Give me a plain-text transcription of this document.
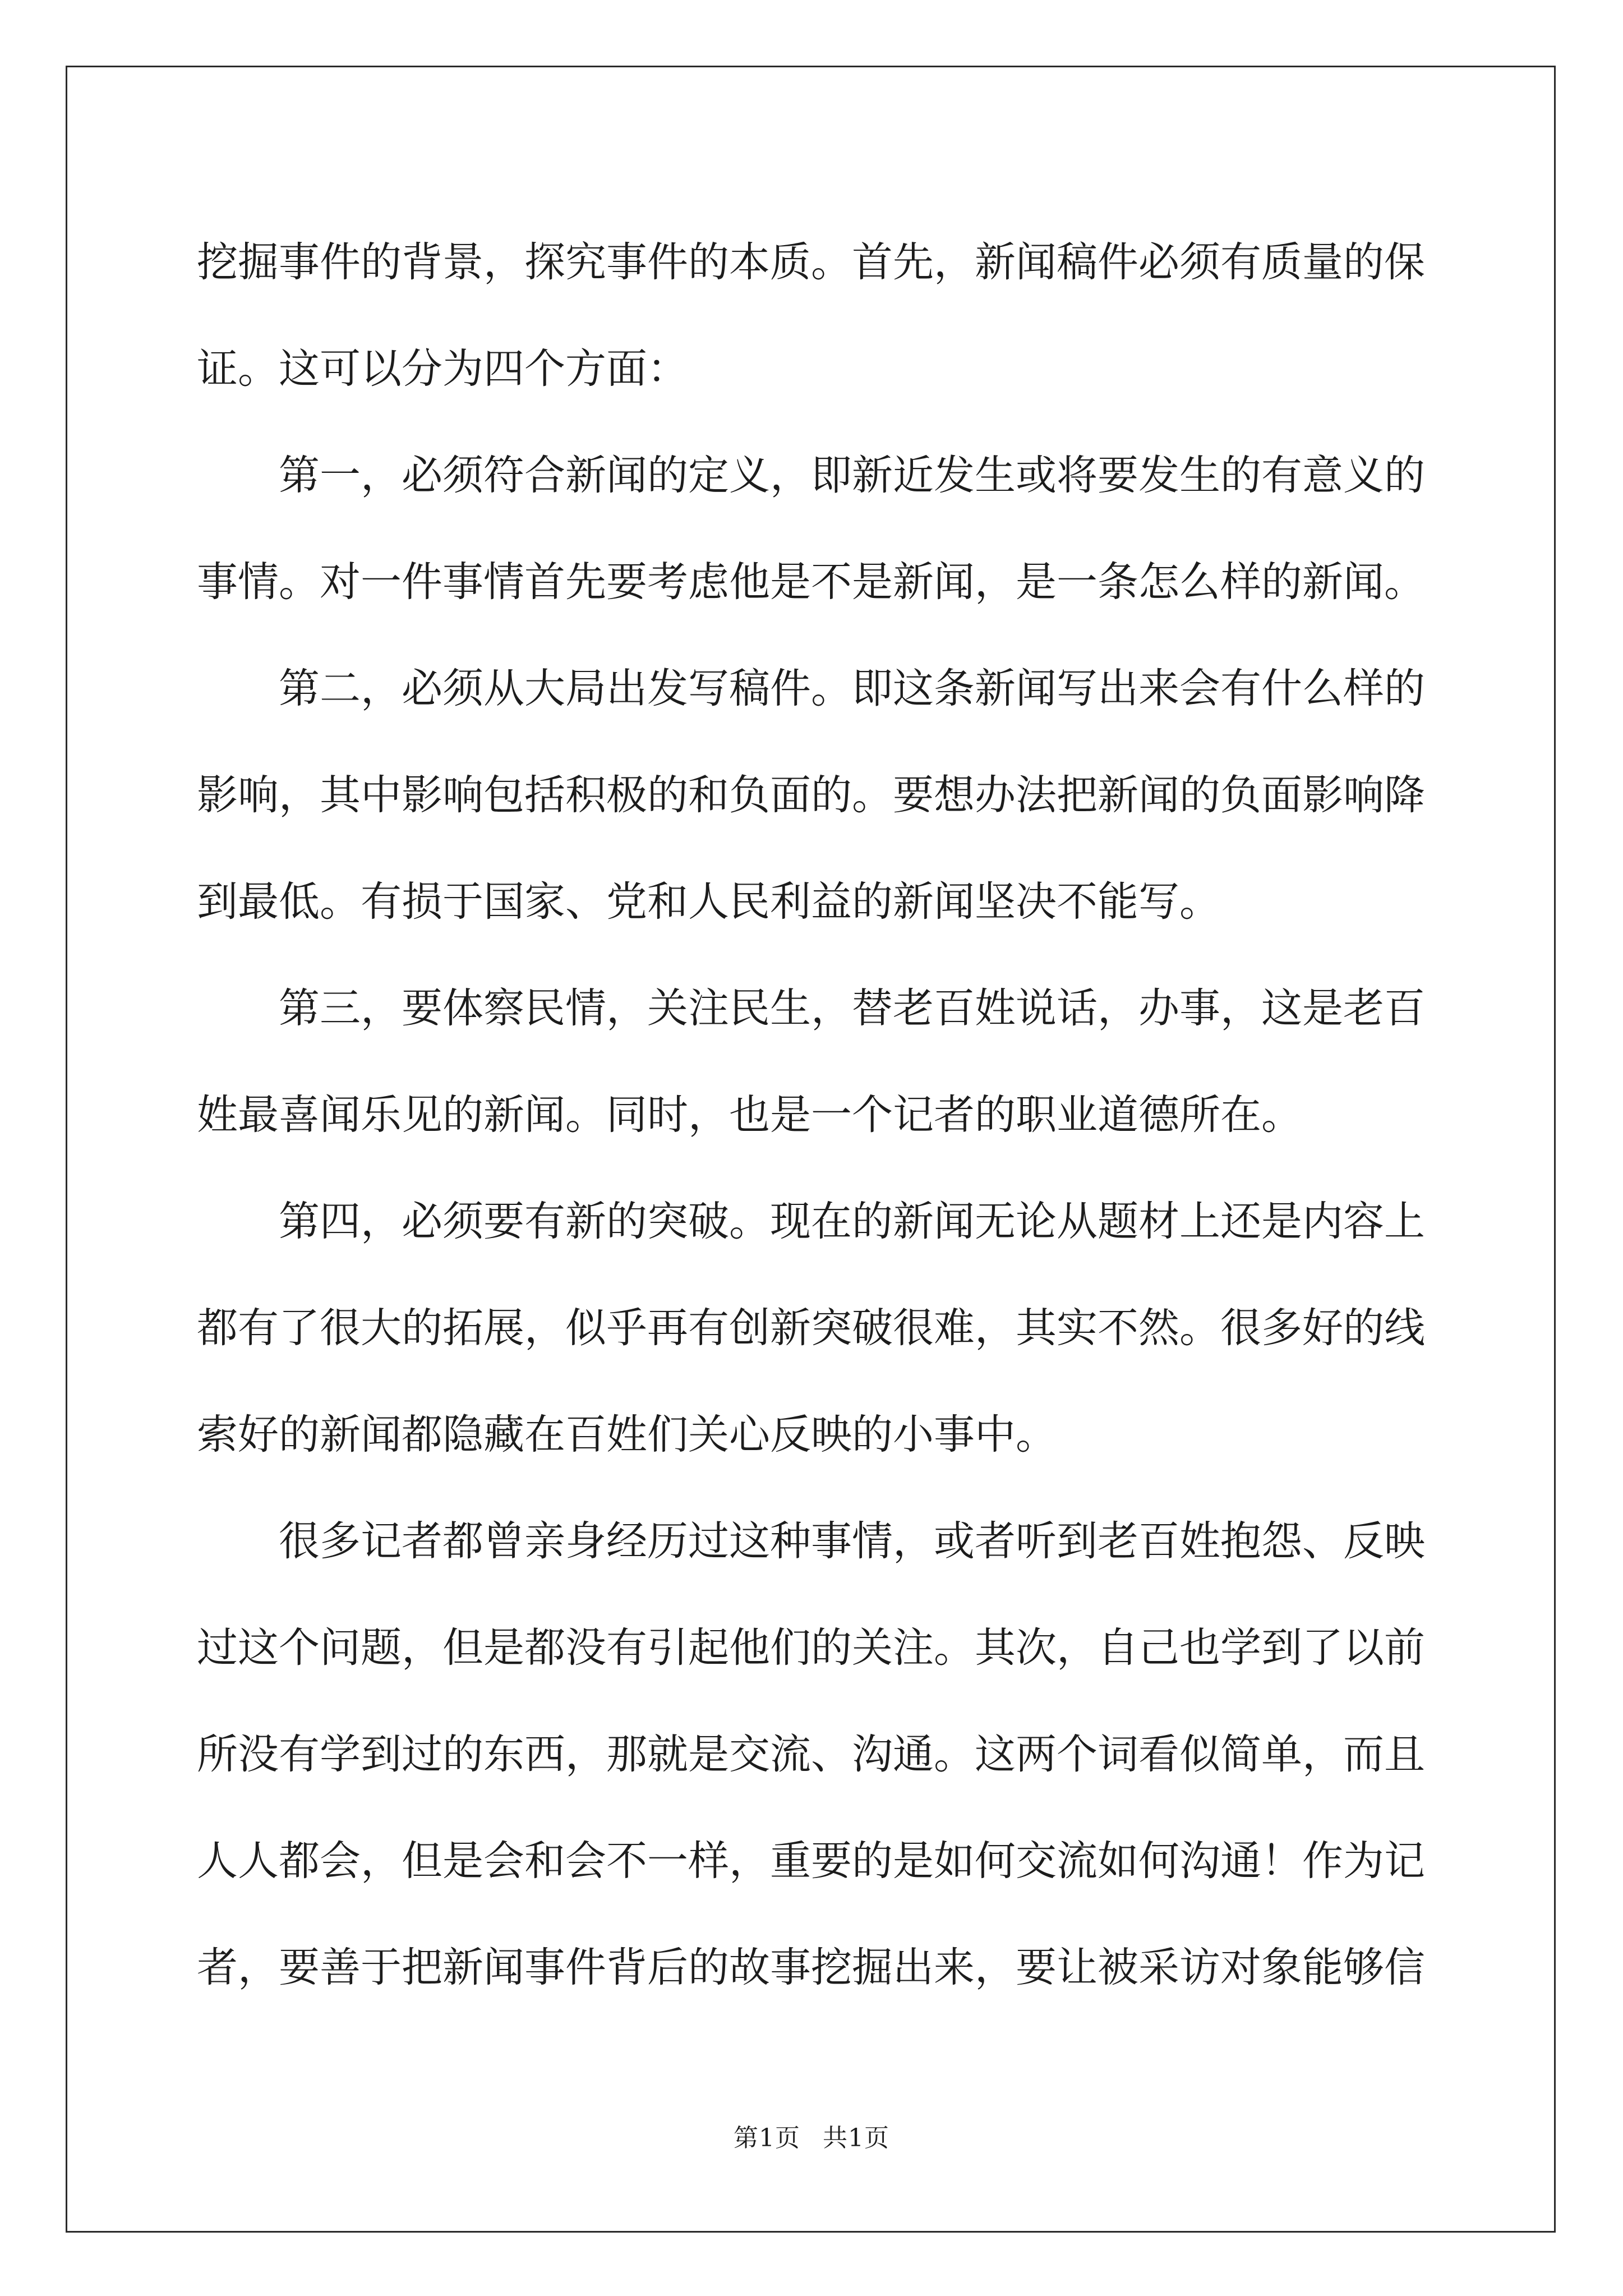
挖掘事件的背景，探究事件的本质。首先，新闻稿件必须有质量的保证。这可以分为四个方面：

第一，必须符合新闻的定义，即新近发生或将要发生的有意义的事情。对一件事情首先要考虑他是不是新闻，是一条怎么样的新闻。

第二，必须从大局出发写稿件。即这条新闻写出来会有什么样的影响，其中影响包括积极的和负面的。要想办法把新闻的负面影响降到最低。有损于国家、党和人民利益的新闻坚决不能写。

第三，要体察民情，关注民生，替老百姓说话，办事，这是老百姓最喜闻乐见的新闻。同时，也是一个记者的职业道德所在。

第四，必须要有新的突破。现在的新闻无论从题材上还是内容上都有了很大的拓展，似乎再有创新突破很难，其实不然。很多好的线索好的新闻都隐藏在百姓们关心反映的小事中。

很多记者都曾亲身经历过这种事情，或者听到老百姓抱怨、反映过这个问题，但是都没有引起他们的关注。其次，自己也学到了以前所没有学到过的东西，那就是交流、沟通。这两个词看似简单，而且人人都会，但是会和会不一样，重要的是如何交流如何沟通！作为记者，要善于把新闻事件背后的故事挖掘出来，要让被采访对象能够信

第1页 共1页
